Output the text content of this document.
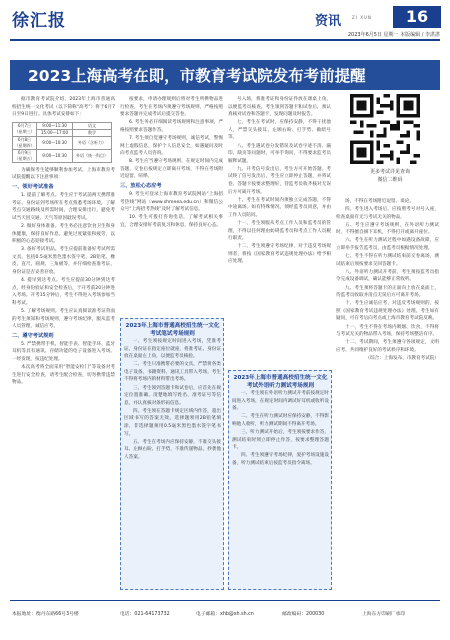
徐汇报	资讯	ZI XUN	16
2023年6月5日 星期一 本版编辑 / 李湛湛
2023上海高考在即，市教育考试院发布考前提醒
更多考试详见查询
微信二维码

据市教育考试院介绍，2023年上海市普通高校招生统一文化考试（以下简称“高考”）将于6月7日至9日进行。具体考试安排如下：

6月7日（星期三）	9:00—11:30	语文
	15:00—17:00	数学
6月8日（星期四）	9:00—10:30	外语（含听力）
6月9日（星期五）	9:00—10:30	外语（统一科目）

为确保考生能够顺利参加考试，上海市教育考试院提醒以下注意事项：

一、领好考试准备

1. 提前了解考点。考生应于考试前两天携带准考证、身份证到考场所在考点熟悉考场环境，了解考点交通路线及所需时间，合理安排出行，避免考试当天因交通、天气等原因耽误考试。

2. 做好身体准备。考生务必注意饮食卫生和身体健康，保持良好作息，避免过度紧张和疲劳，以积极的心态迎接考试。

3. 备好考试用品。考生应提前准备好考试所需文具，包括0.5毫米黑色墨水签字笔、2B铅笔、橡皮、直尺、圆规、三角板等，并仔细检查准考证、身份证是否妥善存放。

4. 提早到达考点。考生应提前30分钟到达考点，经身份验证和安全检查后，于开考前20分钟进入考场。开考15分钟后，考生不得进入考场参加当科考试。

5. 了解考场规则。考生应认真阅读准考证背面的考生须知和考场规则，遵守考场纪律，服从监考人员管理，诚信应考。

二、遵守考试规则

5. 严禁携带手机、智能手表、智能手环、蓝牙耳机等具有通讯、存储功能的电子设备进入考场。一经发现，按违纪处理。

本次高考将全面采用“智能安检门”等设备对考生进行安全检查，请考生配合检查，切勿携带违禁物品。

按要求，申请办理规则后将对考生所携物品进行检查，考生在考场内须遵守考场规则，严格按照要求答题并完成考试后提交答卷。

6. 考生务必仔细阅读考场规则和注意事项，严格按照要求答题作答。

7. 考生须自觉遵守考场规则，诚信考试，警惕网上虚假信息，保护个人信息安全，如遇疑问及时向考点监考人员咨询。

8. 考生应当遵守考场规则，在规定时间内完成答题，交卷后按规定立即离开考场，不得在考场附近逗留、喧哗。

三、放松心态应考

9. 考生可登录上海市教育考试院网站“上海招考热线”网站（www.shmeea.edu.cn）和微信公众号“上海招考热线”及时了解考试信息。

10. 考生可拨打咨询电话，了解考试相关事宜，合理安排好考前复习和休息，保持良好心态。

2023年上海市普通高校招生统一文化考试笔试考场规则

一、考生须按规定时间进入考场，凭准考证、身份证在指定座位就座，将准考证、身份证放在桌面左上角，以便监考员核验。

二、考生只准携带必要的文具，严禁将各类电子设备、书籍资料、通讯工具带入考场。考生不得将考场内的材料带出考场。

三、考生领到答题卡和试卷后，应首先在规定位置准确、清楚地填写姓名、准考证号等信息，并认真核对条形码信息。

四、考生须在答题卡规定区域内作答，超出区域书写的答案无效。选择题须用2B铅笔填涂，非选择题须用0.5毫米黑色墨水签字笔书写。

五、考生在考场内应保持安静，不准交头接耳、左顾右盼、打手势，不准传递物品、抄袭他人答案。

号入场，将准考证和身份证件放在课桌上角，以便监考员核查。考生领到答题卡和试卷后，须认真核对试卷和答题卡，发现问题及时报告。

七、考生在考试时，应保持安静，不得干扰他人，严禁交头接耳、左顾右盼、打手势、做暗号等。

八、考生遇试卷分发错误及试卷字迹不清、漏印、缺页等问题时，可举手询问，不得要求监考员解释试题。

九、开考信号发出后，考生方可开始答题。考试终了信号发出后，考生应立即停止答题，并将试卷、答题卡按要求整理好，待监考员收齐核对无误后方可离开考场。

十、考生在考试时间内须独立完成答题，不得中途离场。如有特殊情况，须经监考员同意，并由工作人员陪同。

十一、考生须服从考点工作人员和监考员的管理，不得以任何理由妨碍监考员和考点工作人员履行职责。

十二、考生须遵守考场纪律，对于违反考场规则者，将按《国家教育考试违规处理办法》给予相应处理。

2023年上海市普通高校招生统一文化考试外语听力测试考场规则

一、考生须在外语听力测试开考前按规定时间进入考场，在规定时间内调试好耳机或收听设备。

二、考生在听力测试时应保持安静，不得影响他人收听，听力测试期间不得离开考场。

三、听力测试开始后，考生须按要求作答，测试结束时须立即停止作答，按要求整理答题卡。

四、考生须遵守考场纪律，爱护考场设施设备，听力测试结束后按监考员指令离场。

场，不得在考场附近逗留、谈论。

四、考生进入考场后，应按照考号对号入座，检查桌面有无与考试无关的物品。

五、考生应遵守考场规则，在外语听力测试时，不得擅自摘下耳机，不得打开或离开座位。

六、考生在听力测试过程中如遇设备故障，应立即举手报告监考员，由监考员根据情况处理。

七、考生不得在听力测试结束前交卷离场，测试结束后须按要求交回答题卡。

八、外语听力测试开考前，考生须按监考员指令完成设备调试，确认能够正常收听。

九、考生须将答题卡的正面向上放在桌面上，待监考员收取并清点无误后方可离开考场。

十、考生应诚信应考，对违反考场规则的，按照《国家教育考试违规处理办法》处理。考生如有疑问，可在考后向考点或上海市教育考试院反映。

十一、考生不得在考场内吸烟、饮食，不得将与考试无关的物品带入考场，保持考场整洁有序。

十二、考试期间，考生须遵守各项规定，文明应考，共同维护良好的考试秩序和环境。

（综合：上海发布、市教育考试院）

本报地址：衡丹东路66号3号楼	电话：021-64173732	电子邮箱：xhb@xh.sh.cn	邮政编码：200030	上海东方印刷厂承印
